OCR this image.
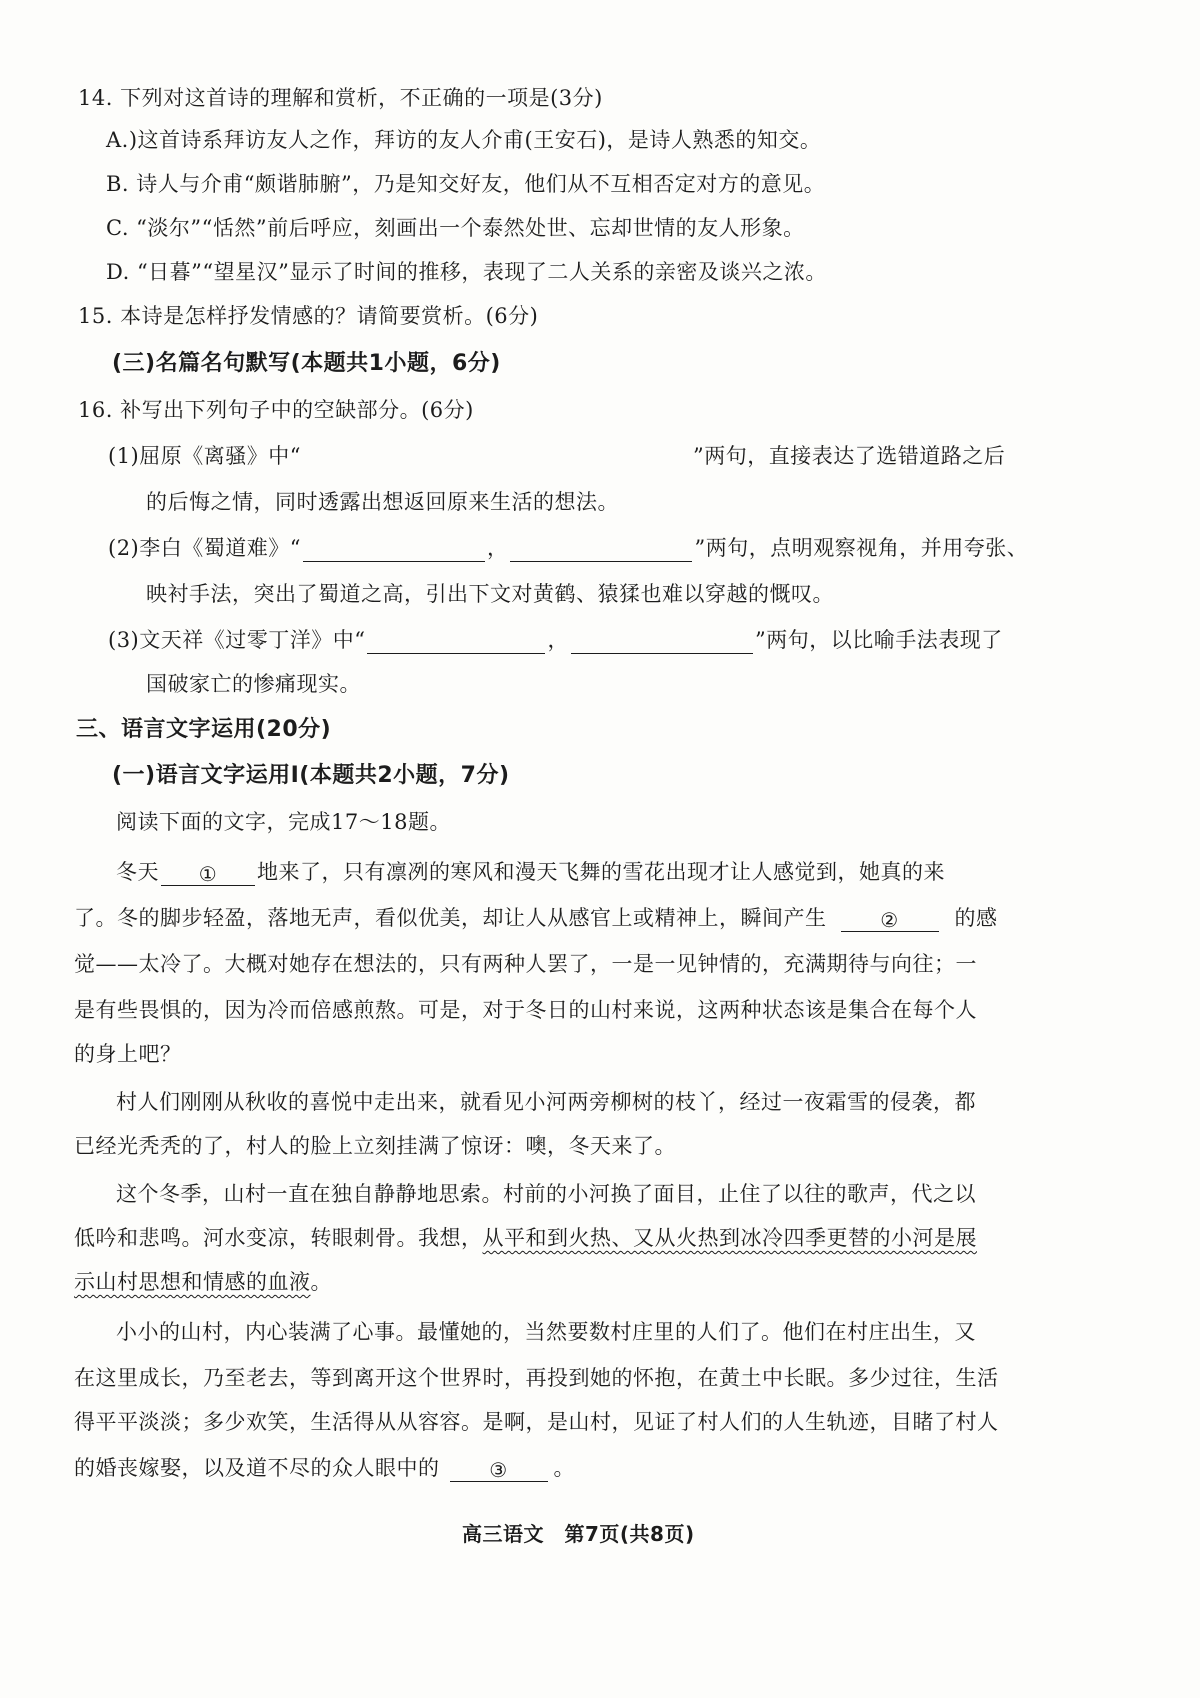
14. 下列对这首诗的理解和赏析，不正确的一项是(3分)
A.)这首诗系拜访友人之作，拜访的友人介甫(王安石)，是诗人熟悉的知交。
B. 诗人与介甫“颇谐肺腑”，乃是知交好友，他们从不互相否定对方的意见。
C. “淡尔”“恬然”前后呼应，刻画出一个泰然处世、忘却世情的友人形象。
D. “日暮”“望星汉”显示了时间的推移，表现了二人关系的亲密及谈兴之浓。
15. 本诗是怎样抒发情感的？请简要赏析。(6分)
(三)名篇名句默写(本题共1小题，6分)
16. 补写出下列句子中的空缺部分。(6分)
(1)屈原《离骚》中“	”两句，直接表达了选错道路之后
的后悔之情，同时透露出想返回原来生活的想法。
(2)李白《蜀道难》“	，	”两句，点明观察视角，并用夸张、
映衬手法，突出了蜀道之高，引出下文对黄鹤、猿猱也难以穿越的慨叹。
(3)文天祥《过零丁洋》中“	，	”两句，以比喻手法表现了
国破家亡的惨痛现实。
三、语言文字运用(20分)
(一)语言文字运用Ⅰ(本题共2小题，7分)
阅读下面的文字，完成17～18题。
冬天 ① 地来了，只有凛冽的寒风和漫天飞舞的雪花出现才让人感觉到，她真的来
了。冬的脚步轻盈，落地无声，看似优美，却让人从感官上或精神上，瞬间产生	②	的感
觉——太冷了。大概对她存在想法的，只有两种人罢了，一是一见钟情的，充满期待与向往；一
是有些畏惧的，因为冷而倍感煎熬。可是，对于冬日的山村来说，这两种状态该是集合在每个人
的身上吧？
村人们刚刚从秋收的喜悦中走出来，就看见小河两旁柳树的枝丫，经过一夜霜雪的侵袭，都
已经光秃秃的了，村人的脸上立刻挂满了惊讶：噢，冬天来了。
这个冬季，山村一直在独自静静地思索。村前的小河换了面目，止住了以往的歌声，代之以
低吟和悲鸣。河水变凉，转眼刺骨。我想，从平和到火热、又从火热到冰冷四季更替的小河是展
示山村思想和情感的血液。
小小的山村，内心装满了心事。最懂她的，当然要数村庄里的人们了。他们在村庄出生，又
在这里成长，乃至老去，等到离开这个世界时，再投到她的怀抱，在黄土中长眠。多少过往，生活
得平平淡淡；多少欢笑，生活得从从容容。是啊，是山村，见证了村人们的人生轨迹，目睹了村人
的婚丧嫁娶，以及道不尽的众人眼中的 ③ 。
高三语文　第7页(共8页)
